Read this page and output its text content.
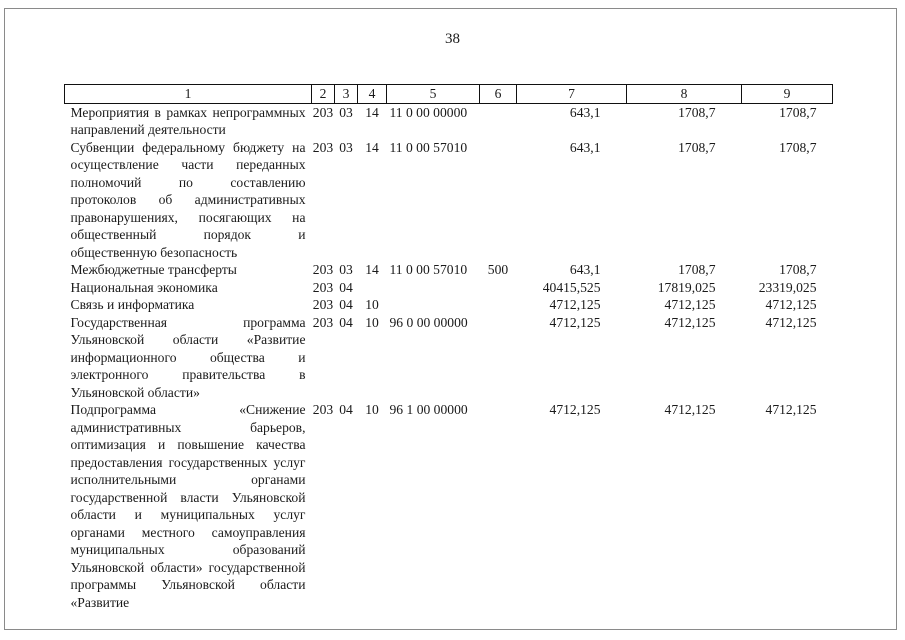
38
1	2	3	4	5	6	7	8	9
Мероприятия в рамках непрограммных направлений деятельности	203	03	14	11 0 00 00000		643,1	1708,7	1708,7
Субвенции федеральному бюджету на осуществление части переданных полномочий по составлению протоколов об административных правонарушениях, посягающих на общественный порядок и общественную безопасность	203	03	14	11 0 00 57010		643,1	1708,7	1708,7
Межбюджетные трансферты	203	03	14	11 0 00 57010	500	643,1	1708,7	1708,7
Национальная экономика	203	04				40415,525	17819,025	23319,025
Связь и информатика	203	04	10			4712,125	4712,125	4712,125
Государственная программа Ульяновской области «Развитие информационного общества и электронного правительства в Ульяновской области»	203	04	10	96 0 00 00000		4712,125	4712,125	4712,125
Подпрограмма «Снижение административных барьеров, оптимизация и повышение качества предоставления государственных услуг исполнительными органами государственной власти Ульяновской области и муниципальных услуг органами местного самоуправления муниципальных образований Ульяновской области» государственной программы Ульяновской области «Развитие	203	04	10	96 1 00 00000		4712,125	4712,125	4712,125
